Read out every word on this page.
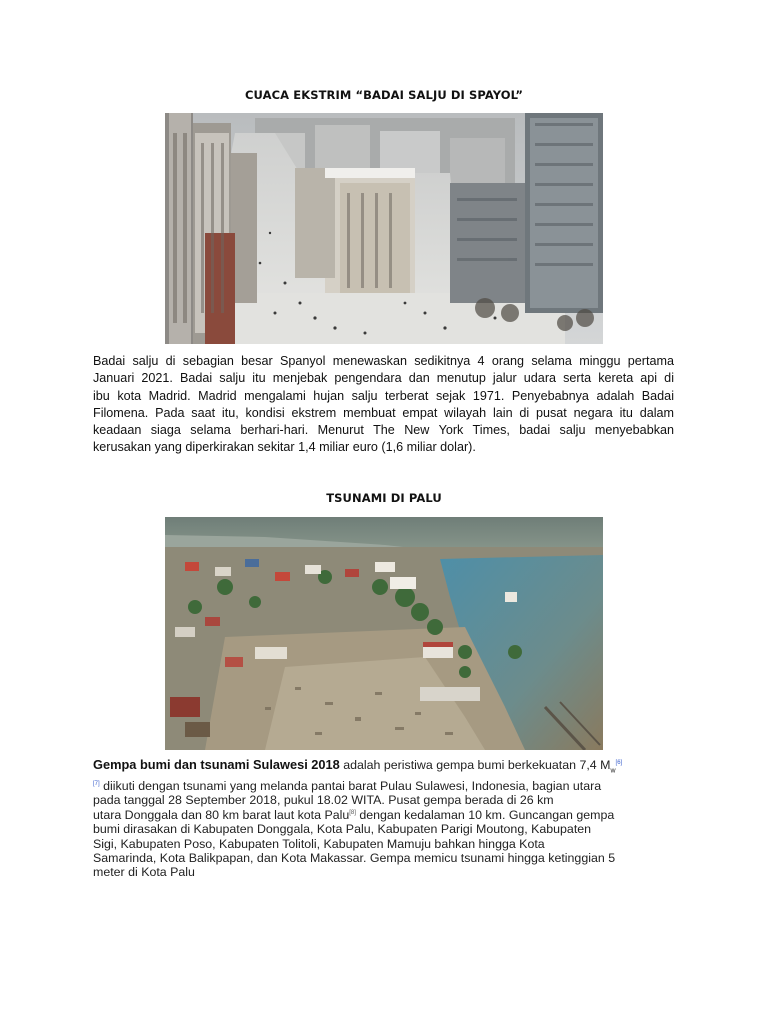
CUACA EKSTRIM “BADAI SALJU DI SPAYOL”
Badai salju di sebagian besar Spanyol menewaskan sedikitnya 4 orang selama minggu pertama
Januari 2021. Badai salju itu menjebak pengendara dan menutup jalur udara serta kereta api di
ibu kota Madrid. Madrid mengalami hujan salju terberat sejak 1971. Penyebabnya adalah Badai
Filomena. Pada saat itu, kondisi ekstrem membuat empat wilayah lain di pusat negara itu dalam
keadaan siaga selama berhari-hari. Menurut The New York Times, badai salju menyebabkan
kerusakan yang diperkirakan sekitar 1,4 miliar euro (1,6 miliar dolar).
TSUNAMI DI PALU
Gempa bumi dan tsunami Sulawesi 2018 adalah peristiwa gempa bumi berkekuatan 7,4 $M_w[6]$
[7] diikuti dengan tsunami yang melanda pantai barat Pulau Sulawesi, Indonesia, bagian utara
pada tanggal 28 September 2018, pukul 18.02 WITA. Pusat gempa berada di 26 km
utara Donggala dan 80 km barat laut kota Palu[8] dengan kedalaman 10 km. Guncangan gempa
bumi dirasakan di Kabupaten Donggala, Kota Palu, Kabupaten Parigi Moutong, Kabupaten
Sigi, Kabupaten Poso, Kabupaten Tolitoli, Kabupaten Mamuju bahkan hingga Kota
Samarinda, Kota Balikpapan, dan Kota Makassar. Gempa memicu tsunami hingga ketinggian 5
meter di Kota Palu
